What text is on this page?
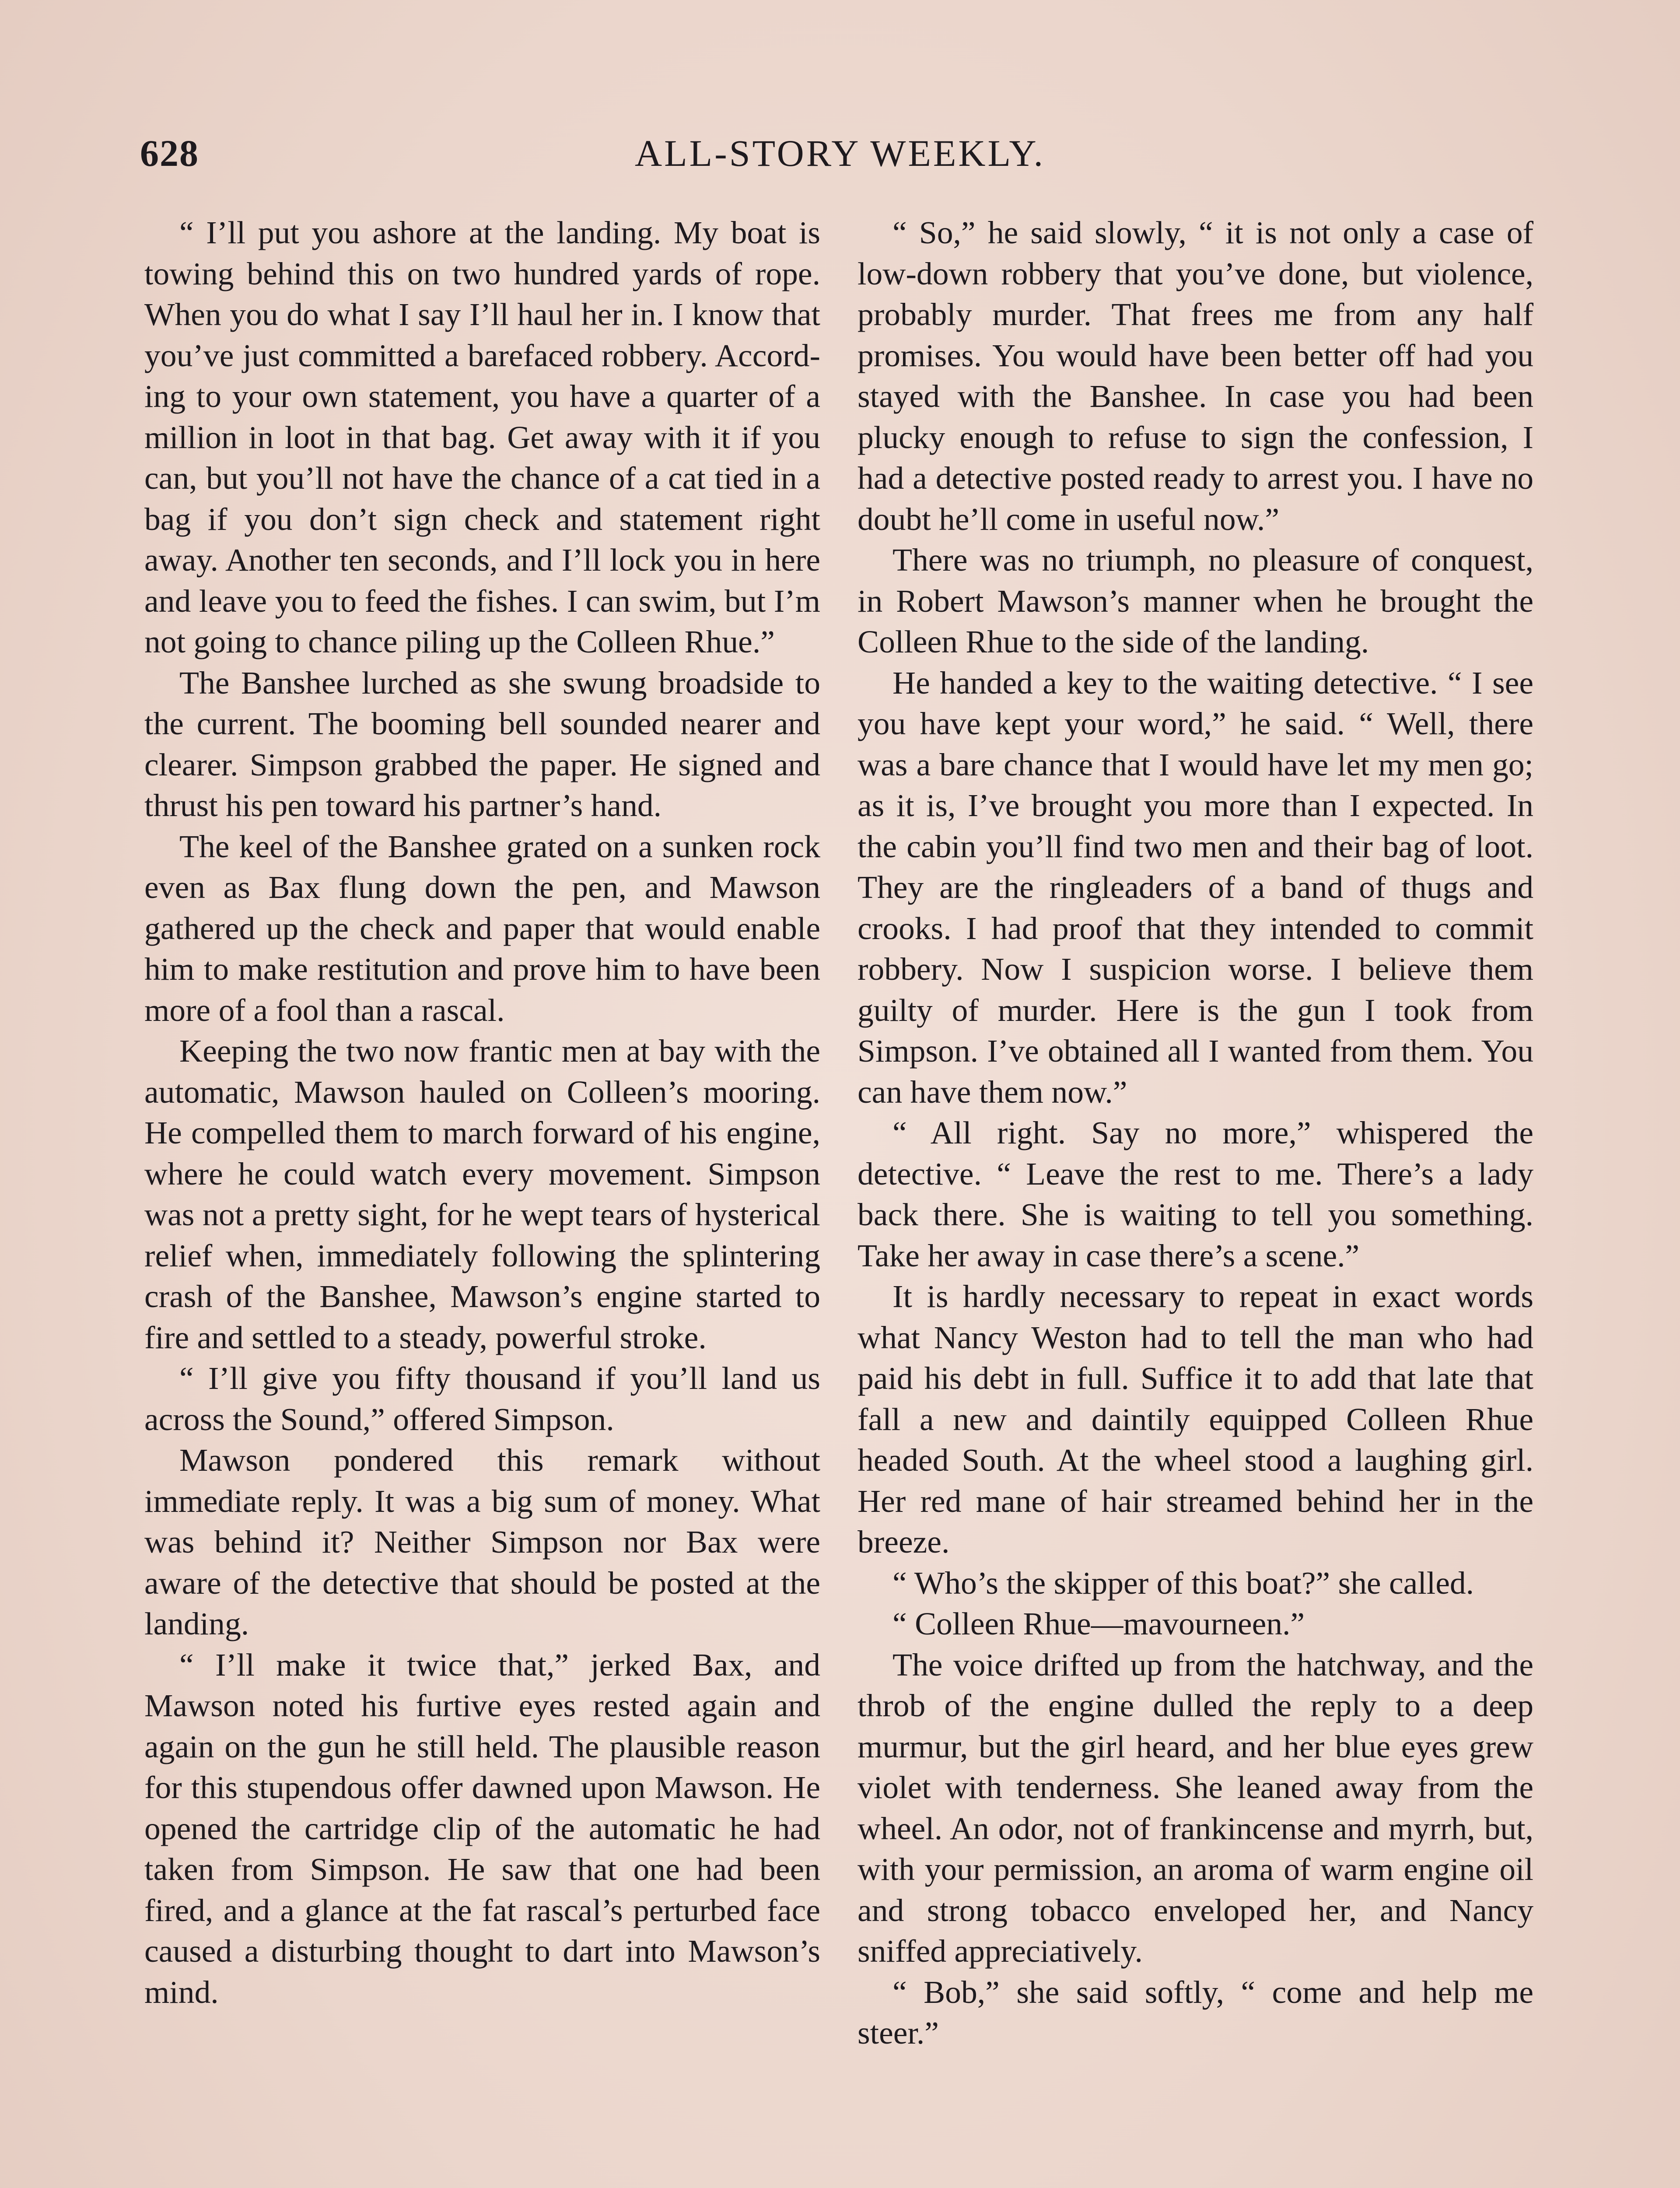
628	ALL-STORY WEEKLY.

“ I’ll put you ashore at the landing. My boat is towing behind this on two hundred yards of rope. When you do what I say I’ll haul her in. I know that you’ve just committed a barefaced robbery. According to your own statement, you have a quarter of a million in loot in that bag. Get away with it if you can, but you’ll not have the chance of a cat tied in a bag if you don’t sign check and statement right away. Another ten seconds, and I’ll lock you in here and leave you to feed the fishes. I can swim, but I’m not going to chance piling up the Colleen Rhue.”

The Banshee lurched as she swung broadside to the current. The booming bell sounded nearer and clearer. Simpson grabbed the paper. He signed and thrust his pen toward his partner’s hand.

The keel of the Banshee grated on a sunken rock even as Bax flung down the pen, and Mawson gathered up the check and paper that would enable him to make restitution and prove him to have been more of a fool than a rascal.

Keeping the two now frantic men at bay with the automatic, Mawson hauled on Colleen’s mooring. He compelled them to march forward of his engine, where he could watch every movement. Simpson was not a pretty sight, for he wept tears of hysterical relief when, immediately following the splintering crash of the Banshee, Mawson’s engine started to fire and settled to a steady, powerful stroke.

“ I’ll give you fifty thousand if you’ll land us across the Sound,” offered Simpson.

Mawson pondered this remark without immediate reply. It was a big sum of money. What was behind it? Neither Simpson nor Bax were aware of the detective that should be posted at the landing.

“ I’ll make it twice that,” jerked Bax, and Mawson noted his furtive eyes rested again and again on the gun he still held. The plausible reason for this stupendous offer dawned upon Mawson. He opened the cartridge clip of the automatic he had taken from Simpson. He saw that one had been fired, and a glance at the fat rascal’s perturbed face caused a disturbing thought to dart into Mawson’s mind.

“ So,” he said slowly, “ it is not only a case of low-down robbery that you’ve done, but violence, probably murder. That frees me from any half promises. You would have been better off had you stayed with the Banshee. In case you had been plucky enough to refuse to sign the confession, I had a detective posted ready to arrest you. I have no doubt he’ll come in useful now.”

There was no triumph, no pleasure of conquest, in Robert Mawson’s manner when he brought the Colleen Rhue to the side of the landing.

He handed a key to the waiting detective. “ I see you have kept your word,” he said. “ Well, there was a bare chance that I would have let my men go; as it is, I’ve brought you more than I expected. In the cabin you’ll find two men and their bag of loot. They are the ringleaders of a band of thugs and crooks. I had proof that they intended to commit robbery. Now I suspicion worse. I believe them guilty of murder. Here is the gun I took from Simpson. I’ve obtained all I wanted from them. You can have them now.”

“ All right. Say no more,” whispered the detective. “ Leave the rest to me. There’s a lady back there. She is waiting to tell you something. Take her away in case there’s a scene.”

It is hardly necessary to repeat in exact words what Nancy Weston had to tell the man who had paid his debt in full. Suffice it to add that late that fall a new and daintily equipped Colleen Rhue headed South. At the wheel stood a laughing girl. Her red mane of hair streamed behind her in the breeze.

“ Who’s the skipper of this boat?” she called.

“ Colleen Rhue—mavourneen.”

The voice drifted up from the hatchway, and the throb of the engine dulled the reply to a deep murmur, but the girl heard, and her blue eyes grew violet with tenderness. She leaned away from the wheel. An odor, not of frankincense and myrrh, but, with your permission, an aroma of warm engine oil and strong tobacco enveloped her, and Nancy sniffed appreciatively.

“ Bob,” she said softly, “ come and help me steer.”
